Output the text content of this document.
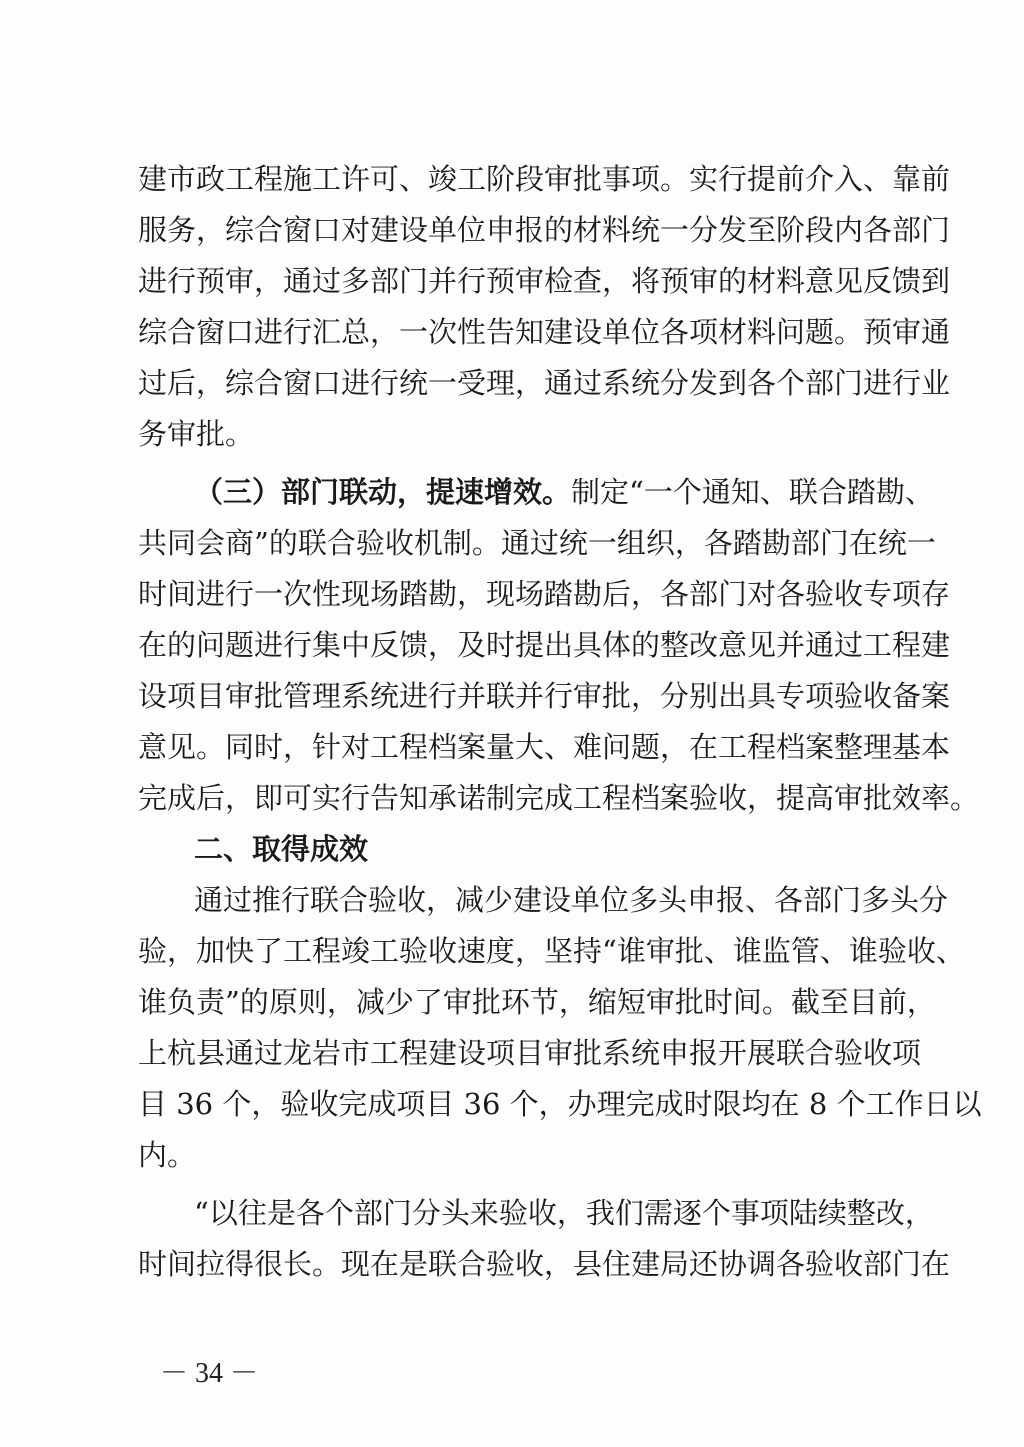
建市政工程施工许可、竣工阶段审批事项。实行提前介入、靠前
服务，综合窗口对建设单位申报的材料统一分发至阶段内各部门
进行预审，通过多部门并行预审检查，将预审的材料意见反馈到
综合窗口进行汇总，一次性告知建设单位各项材料问题。预审通
过后，综合窗口进行统一受理，通过系统分发到各个部门进行业
务审批。
（三）部门联动，提速增效。制定“一个通知、联合踏勘、
共同会商”的联合验收机制。通过统一组织，各踏勘部门在统一
时间进行一次性现场踏勘，现场踏勘后，各部门对各验收专项存
在的问题进行集中反馈，及时提出具体的整改意见并通过工程建
设项目审批管理系统进行并联并行审批，分别出具专项验收备案
意见。同时，针对工程档案量大、难问题，在工程档案整理基本
完成后，即可实行告知承诺制完成工程档案验收，提高审批效率。
二、取得成效
通过推行联合验收，减少建设单位多头申报、各部门多头分
验，加快了工程竣工验收速度，坚持“谁审批、谁监管、谁验收、
谁负责”的原则，减少了审批环节，缩短审批时间。截至目前，
上杭县通过龙岩市工程建设项目审批系统申报开展联合验收项
目 36 个，验收完成项目 36 个，办理完成时限均在 8 个工作日以
内。
“以往是各个部门分头来验收，我们需逐个事项陆续整改，
时间拉得很长。现在是联合验收，县住建局还协调各验收部门在
－ 34 －
